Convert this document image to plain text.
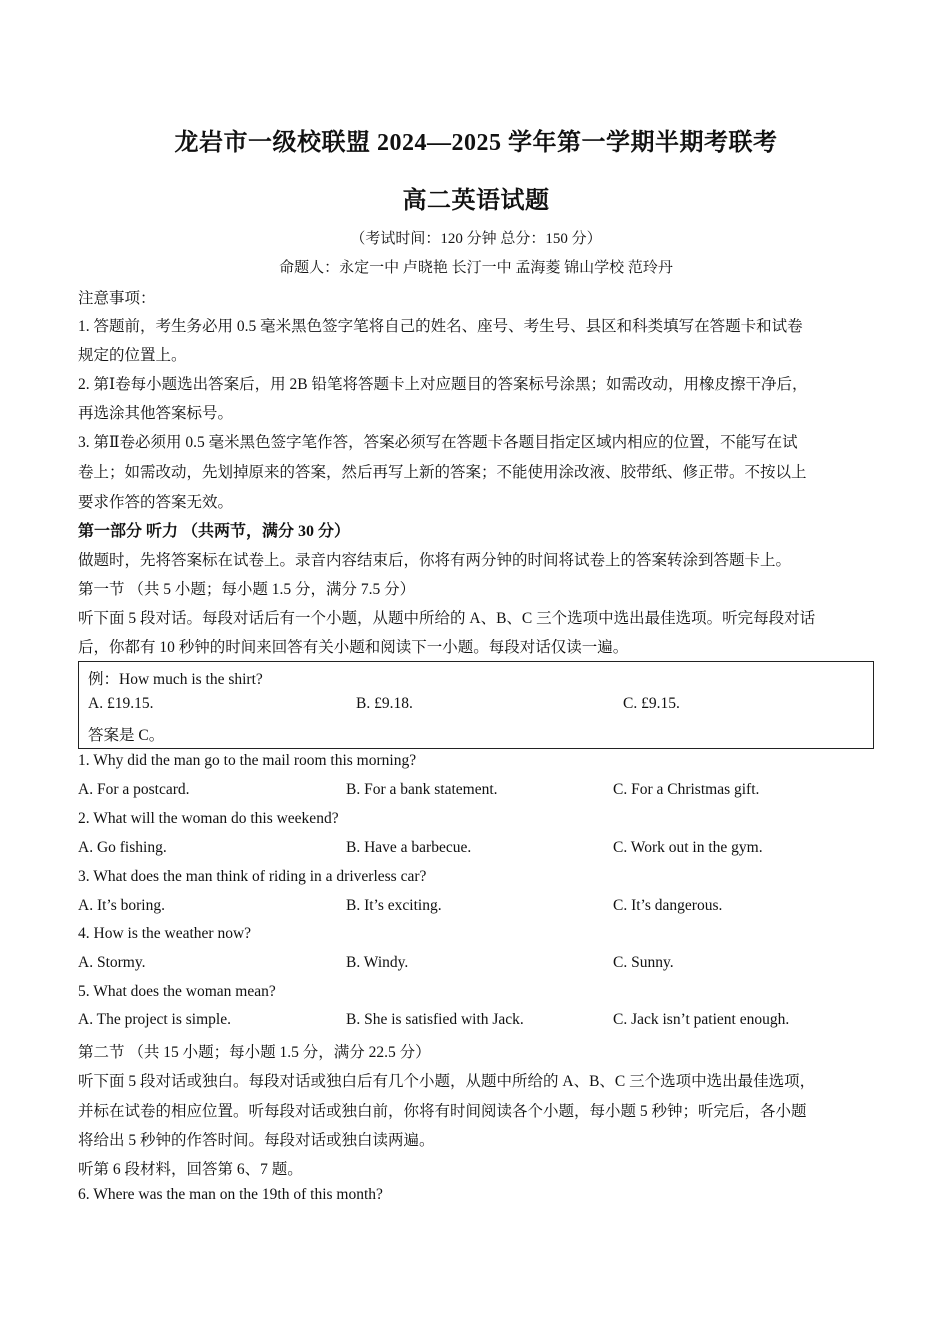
龙岩市一级校联盟 2024—2025 学年第一学期半期考联考
高二英语试题
（考试时间：120 分钟 总分：150 分）
命题人：永定一中 卢晓艳 长汀一中 孟海菱 锦山学校 范玲丹
注意事项：
1. 答题前，考生务必用 0.5 毫米黑色签字笔将自己的姓名、座号、考生号、县区和科类填写在答题卡和试卷
规定的位置上。
2. 第Ⅰ卷每小题选出答案后，用 2B 铅笔将答题卡上对应题目的答案标号涂黑；如需改动，用橡皮擦干净后，
再选涂其他答案标号。
3. 第Ⅱ卷必须用 0.5 毫米黑色签字笔作答，答案必须写在答题卡各题目指定区域内相应的位置，不能写在试
卷上；如需改动，先划掉原来的答案，然后再写上新的答案；不能使用涂改液、胶带纸、修正带。不按以上
要求作答的答案无效。
第一部分 听力 （共两节，满分 30 分）
做题时，先将答案标在试卷上。录音内容结束后，你将有两分钟的时间将试卷上的答案转涂到答题卡上。
第一节 （共 5 小题；每小题 1.5 分，满分 7.5 分）
听下面 5 段对话。每段对话后有一个小题，从题中所给的 A、B、C 三个选项中选出最佳选项。听完每段对话
后，你都有 10 秒钟的时间来回答有关小题和阅读下一小题。每段对话仅读一遍。
例：How much is the shirt?
A. £19.15.	B. £9.18.	C. £9.15.
答案是 C。
1. Why did the man go to the mail room this morning?
A. For a postcard.	B. For a bank statement.	C. For a Christmas gift.
2. What will the woman do this weekend?
A. Go fishing.	B. Have a barbecue.	C. Work out in the gym.
3. What does the man think of riding in a driverless car?
A. It’s boring.	B. It’s exciting.	C. It’s dangerous.
4. How is the weather now?
A. Stormy.	B. Windy.	C. Sunny.
5. What does the woman mean?
A. The project is simple.	B. She is satisfied with Jack.	C. Jack isn’t patient enough.
第二节 （共 15 小题；每小题 1.5 分，满分 22.5 分）
听下面 5 段对话或独白。每段对话或独白后有几个小题，从题中所给的 A、B、C 三个选项中选出最佳选项，
并标在试卷的相应位置。听每段对话或独白前，你将有时间阅读各个小题，每小题 5 秒钟；听完后，各小题
将给出 5 秒钟的作答时间。每段对话或独白读两遍。
听第 6 段材料，回答第 6、7 题。
6. Where was the man on the 19th of this month?
